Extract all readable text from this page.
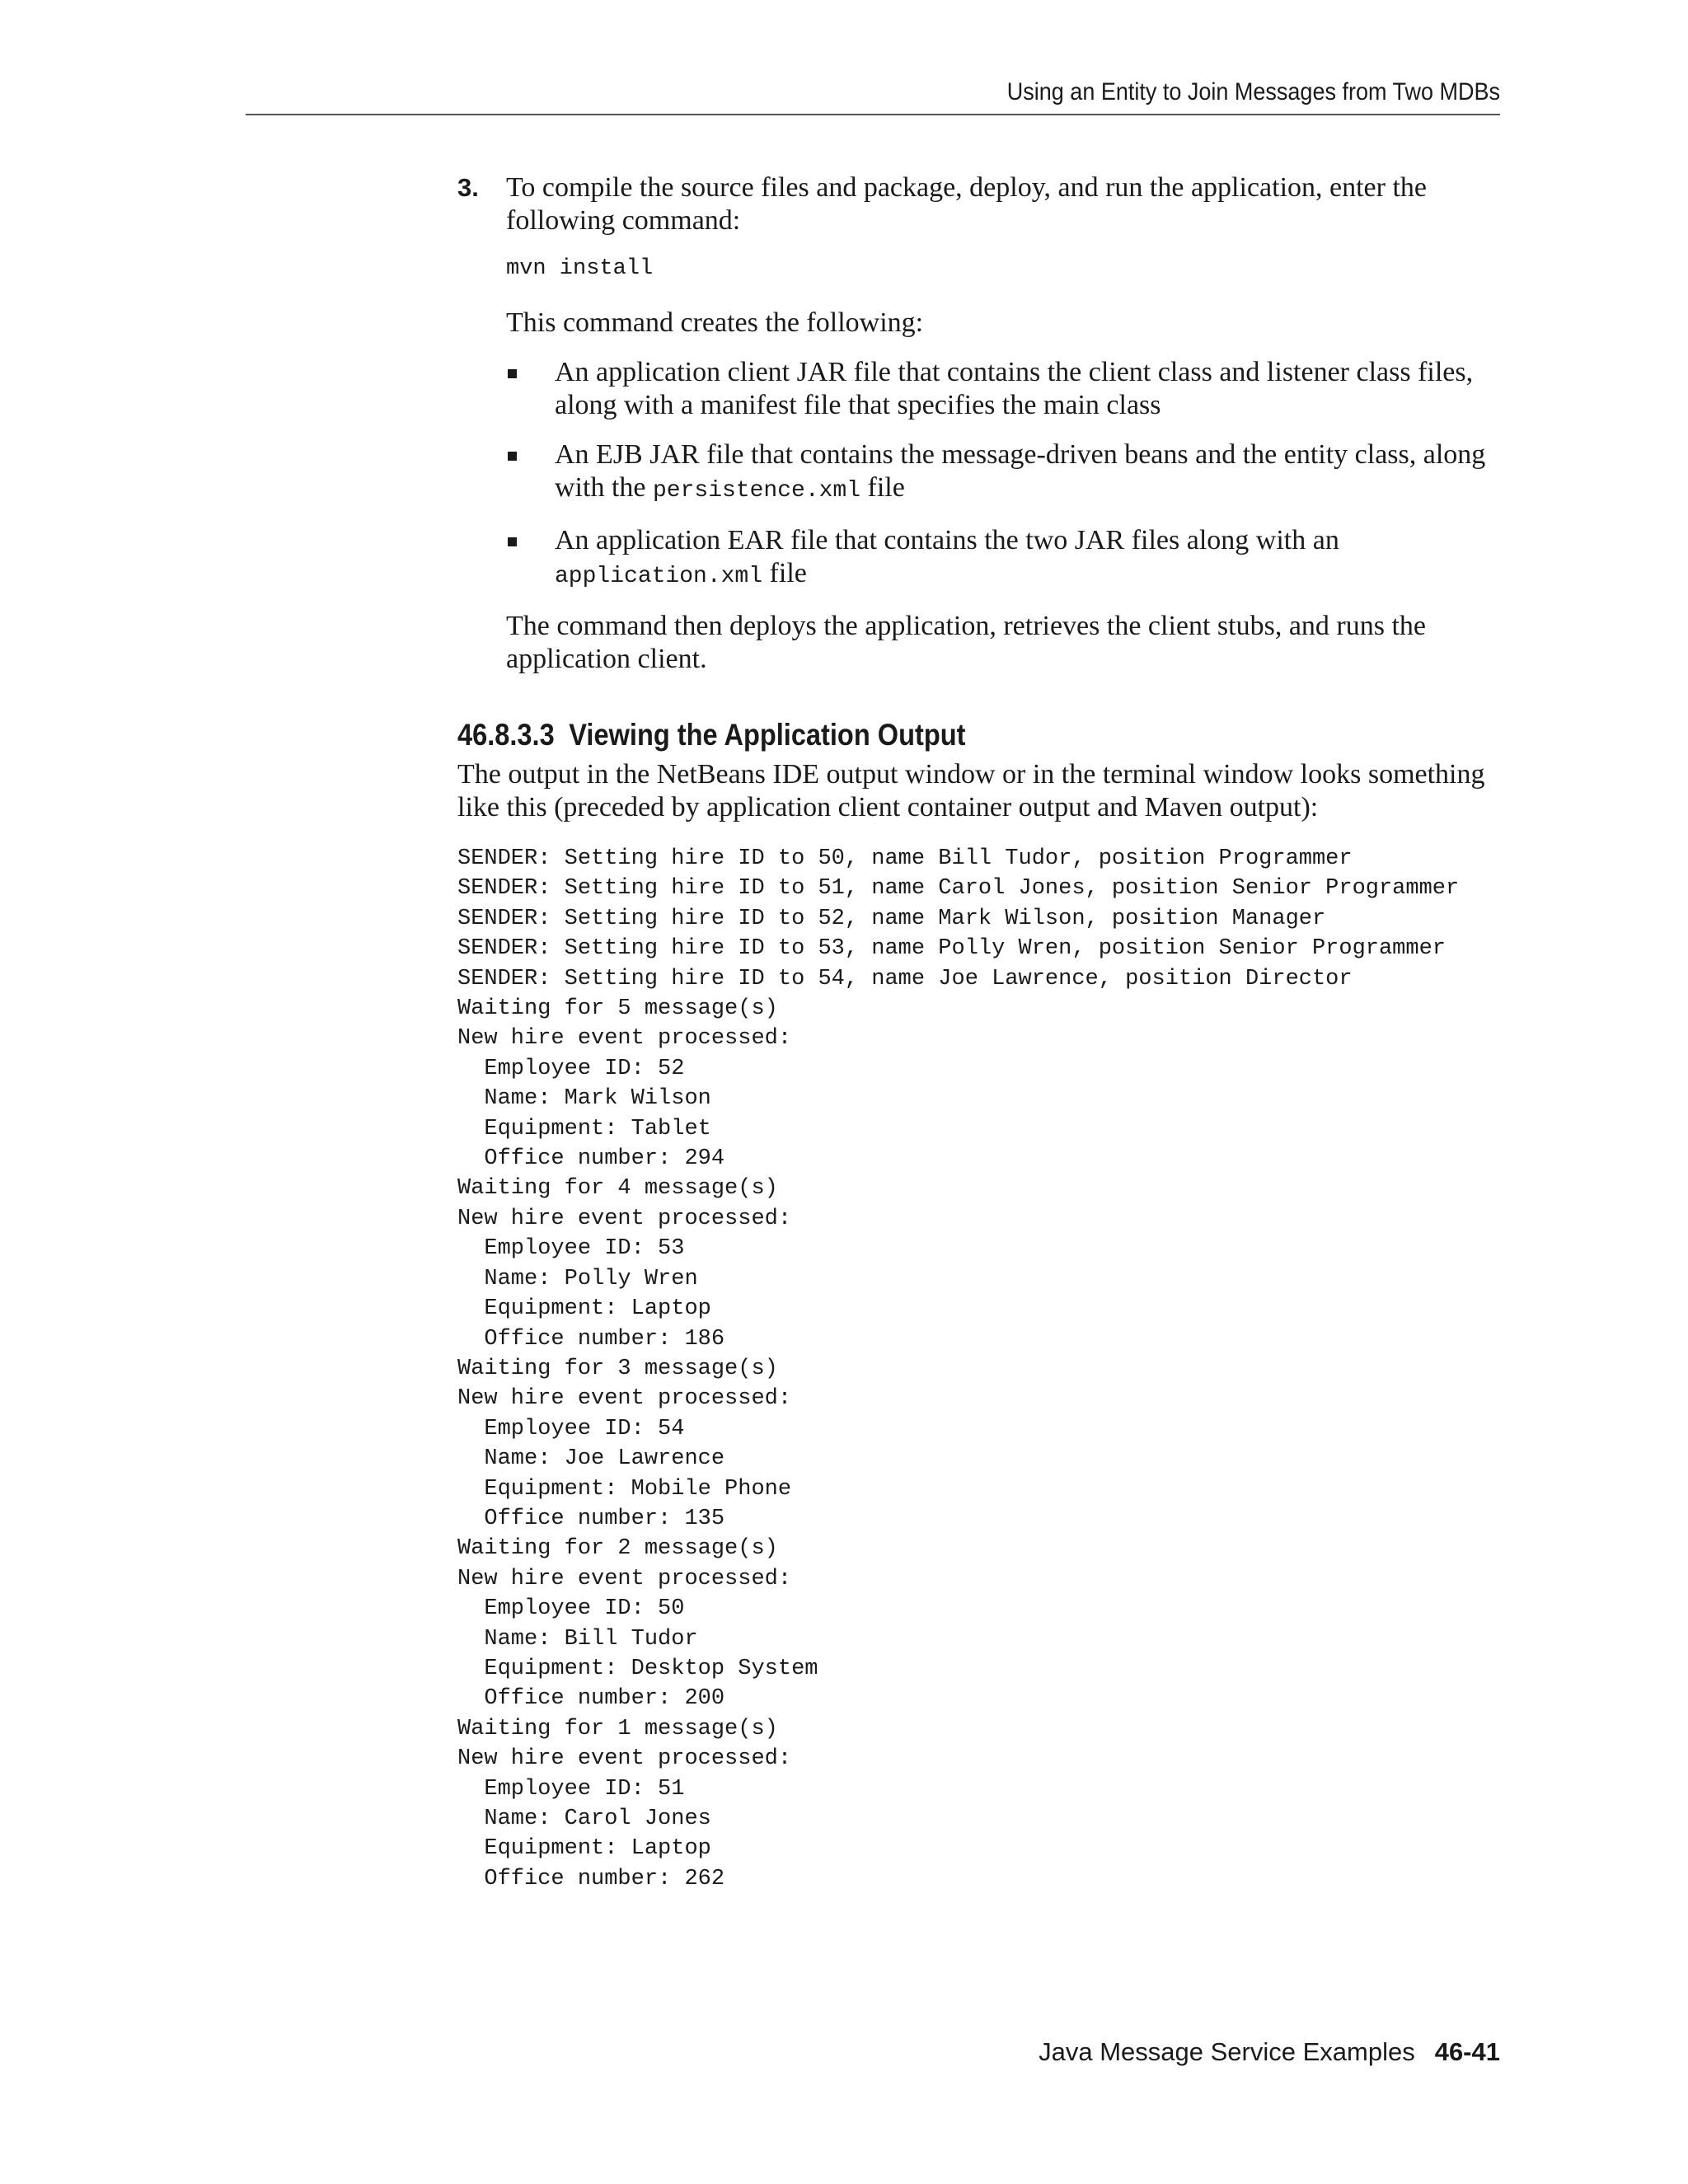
Using an Entity to Join Messages from Two MDBs
3. To compile the source files and package, deploy, and run the application, enter the following command:

mvn install

This command creates the following:

An application client JAR file that contains the client class and listener class files, along with a manifest file that specifies the main class
An EJB JAR file that contains the message-driven beans and the entity class, along with the persistence.xml file
An application EAR file that contains the two JAR files along with an application.xml file

The command then deploys the application, retrieves the client stubs, and runs the application client.

46.8.3.3 Viewing the Application Output

The output in the NetBeans IDE output window or in the terminal window looks something like this (preceded by application client container output and Maven output):

SENDER: Setting hire ID to 50, name Bill Tudor, position Programmer
SENDER: Setting hire ID to 51, name Carol Jones, position Senior Programmer
SENDER: Setting hire ID to 52, name Mark Wilson, position Manager
SENDER: Setting hire ID to 53, name Polly Wren, position Senior Programmer
SENDER: Setting hire ID to 54, name Joe Lawrence, position Director
Waiting for 5 message(s)
New hire event processed:
Employee ID: 52
Name: Mark Wilson
Equipment: Tablet
Office number: 294
Waiting for 4 message(s)
New hire event processed:
Employee ID: 53
Name: Polly Wren
Equipment: Laptop
Office number: 186
Waiting for 3 message(s)
New hire event processed:
Employee ID: 54
Name: Joe Lawrence
Equipment: Mobile Phone
Office number: 135
Waiting for 2 message(s)
New hire event processed:
Employee ID: 50
Name: Bill Tudor
Equipment: Desktop System
Office number: 200
Waiting for 1 message(s)
New hire event processed:
Employee ID: 51
Name: Carol Jones
Equipment: Laptop
Office number: 262
Java Message Service Examples 46-41
